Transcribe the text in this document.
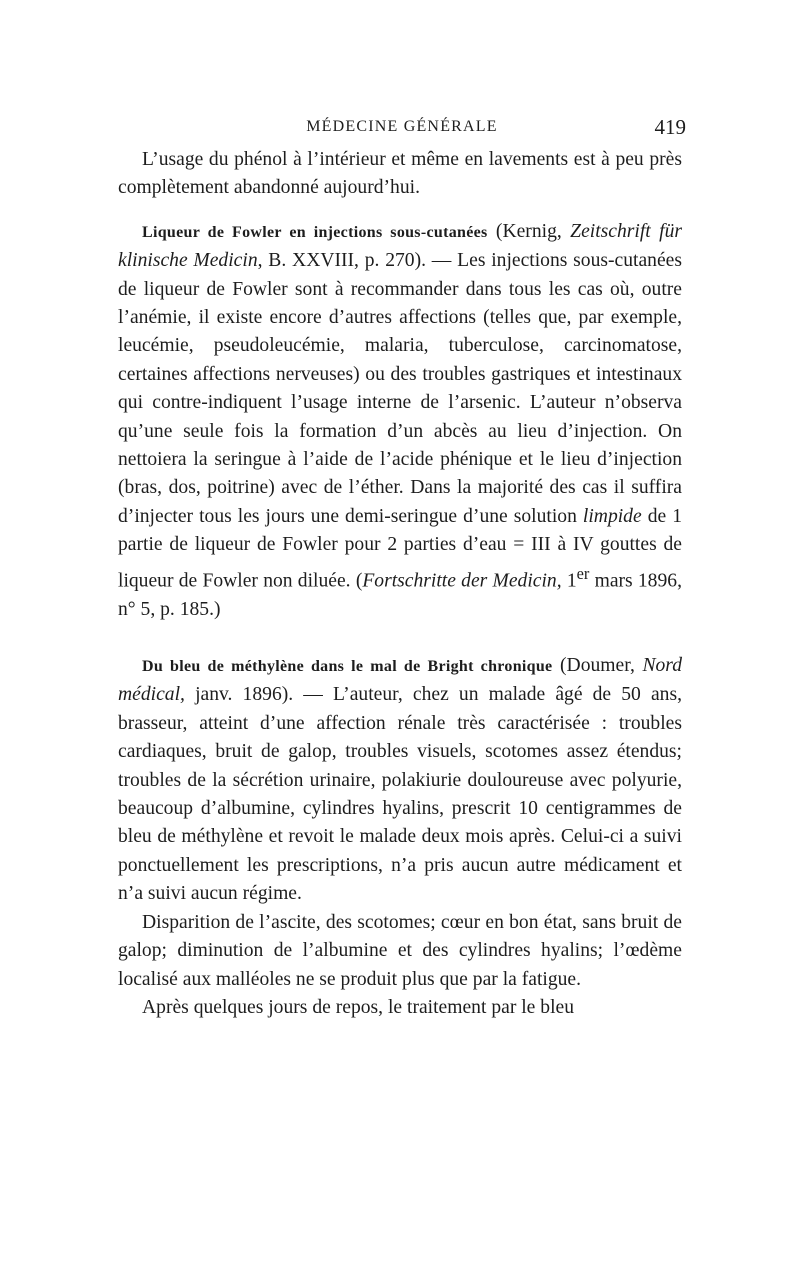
MÉDECINE GÉNÉRALE	419

L’usage du phénol à l’intérieur et même en lavements est à peu près complètement abandonné aujourd’hui.

Liqueur de Fowler en injections sous-cutanées (Kernig, Zeitschrift für klinische Medicin, B. XXVIII, p. 270). — Les injections sous-cutanées de liqueur de Fowler sont à recommander dans tous les cas où, outre l’anémie, il existe encore d’autres affections (telles que, par exemple, leucémie, pseudoleucémie, malaria, tuberculose, carcinomatose, certaines affections nerveuses) ou des troubles gastriques et intestinaux qui contre-indiquent l’usage interne de l’arsenic. L’auteur n’observa qu’une seule fois la formation d’un abcès au lieu d’injection. On nettoiera la seringue à l’aide de l’acide phénique et le lieu d’injection (bras, dos, poitrine) avec de l’éther. Dans la majorité des cas il suffira d’injecter tous les jours une demi-seringue d’une solution limpide de 1 partie de liqueur de Fowler pour 2 parties d’eau = III à IV gouttes de liqueur de Fowler non diluée. (Fortschritte der Medicin, 1er mars 1896, n° 5, p. 185.)

Du bleu de méthylène dans le mal de Bright chronique (Doumer, Nord médical, janv. 1896). — L’auteur, chez un malade âgé de 50 ans, brasseur, atteint d’une affection rénale très caractérisée : troubles cardiaques, bruit de galop, troubles visuels, scotomes assez étendus; troubles de la sécrétion urinaire, polakiurie douloureuse avec polyurie, beaucoup d’albumine, cylindres hyalins, prescrit 10 centigrammes de bleu de méthylène et revoit le malade deux mois après. Celui-ci a suivi ponctuellement les prescriptions, n’a pris aucun autre médicament et n’a suivi aucun régime.

Disparition de l’ascite, des scotomes; cœur en bon état, sans bruit de galop; diminution de l’albumine et des cylindres hyalins; l’œdème localisé aux malléoles ne se produit plus que par la fatigue.

Après quelques jours de repos, le traitement par le bleu
